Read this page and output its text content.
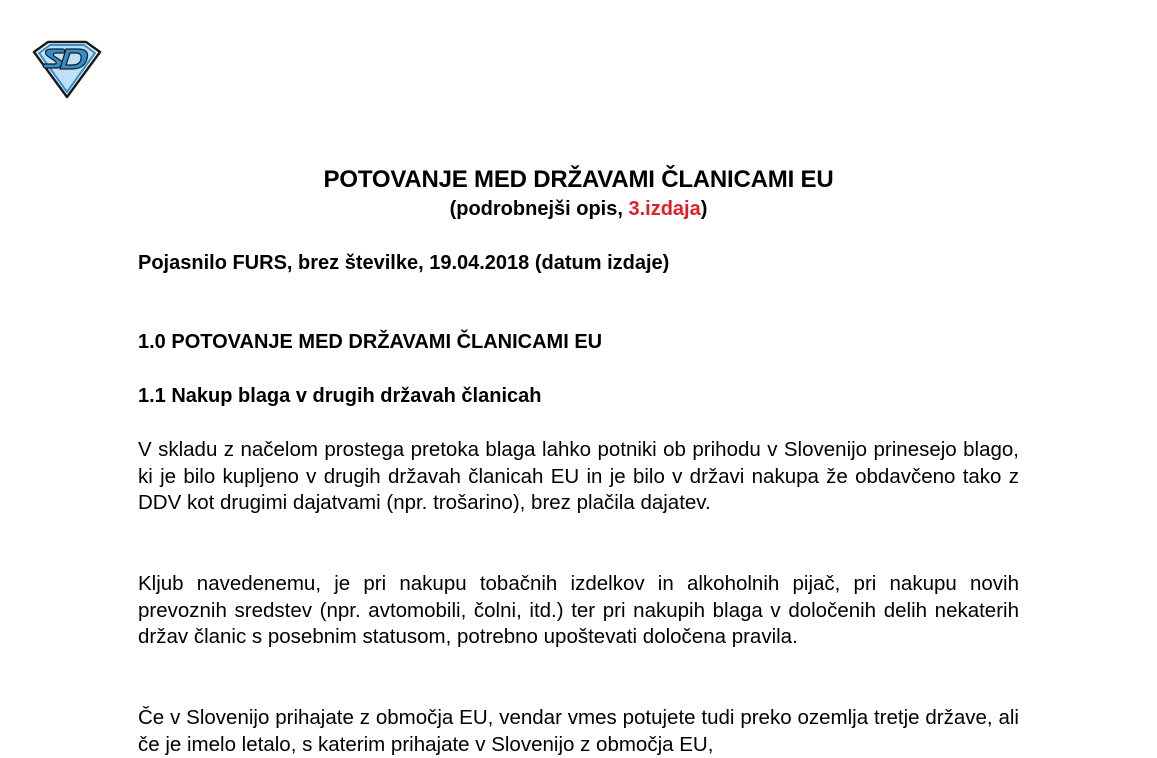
POTOVANJE MED DRŽAVAMI ČLANICAMI EU
(podrobnejši opis, 3.izdaja)
Pojasnilo FURS, brez številke, 19.04.2018 (datum izdaje)
1.0 POTOVANJE MED DRŽAVAMI ČLANICAMI EU
1.1 Nakup blaga v drugih državah članicah

V skladu z načelom prostega pretoka blaga lahko potniki ob prihodu v Slovenijo prinesejo blago, ki je bilo kupljeno v drugih državah članicah EU in je bilo v državi nakupa že obdavčeno tako z DDV kot drugimi dajatvami (npr. trošarino), brez plačila dajatev.

Kljub navedenemu, je pri nakupu tobačnih izdelkov in alkoholnih pijač, pri nakupu novih prevoznih sredstev (npr. avtomobili, čolni, itd.) ter pri nakupih blaga v določenih delih nekaterih držav članic s posebnim statusom, potrebno upoštevati določena pravila.

Če v Slovenijo prihajate z območja EU, vendar vmes potujete tudi preko ozemlja tretje države, ali če je imelo letalo, s katerim prihajate v Slovenijo z območja EU,
